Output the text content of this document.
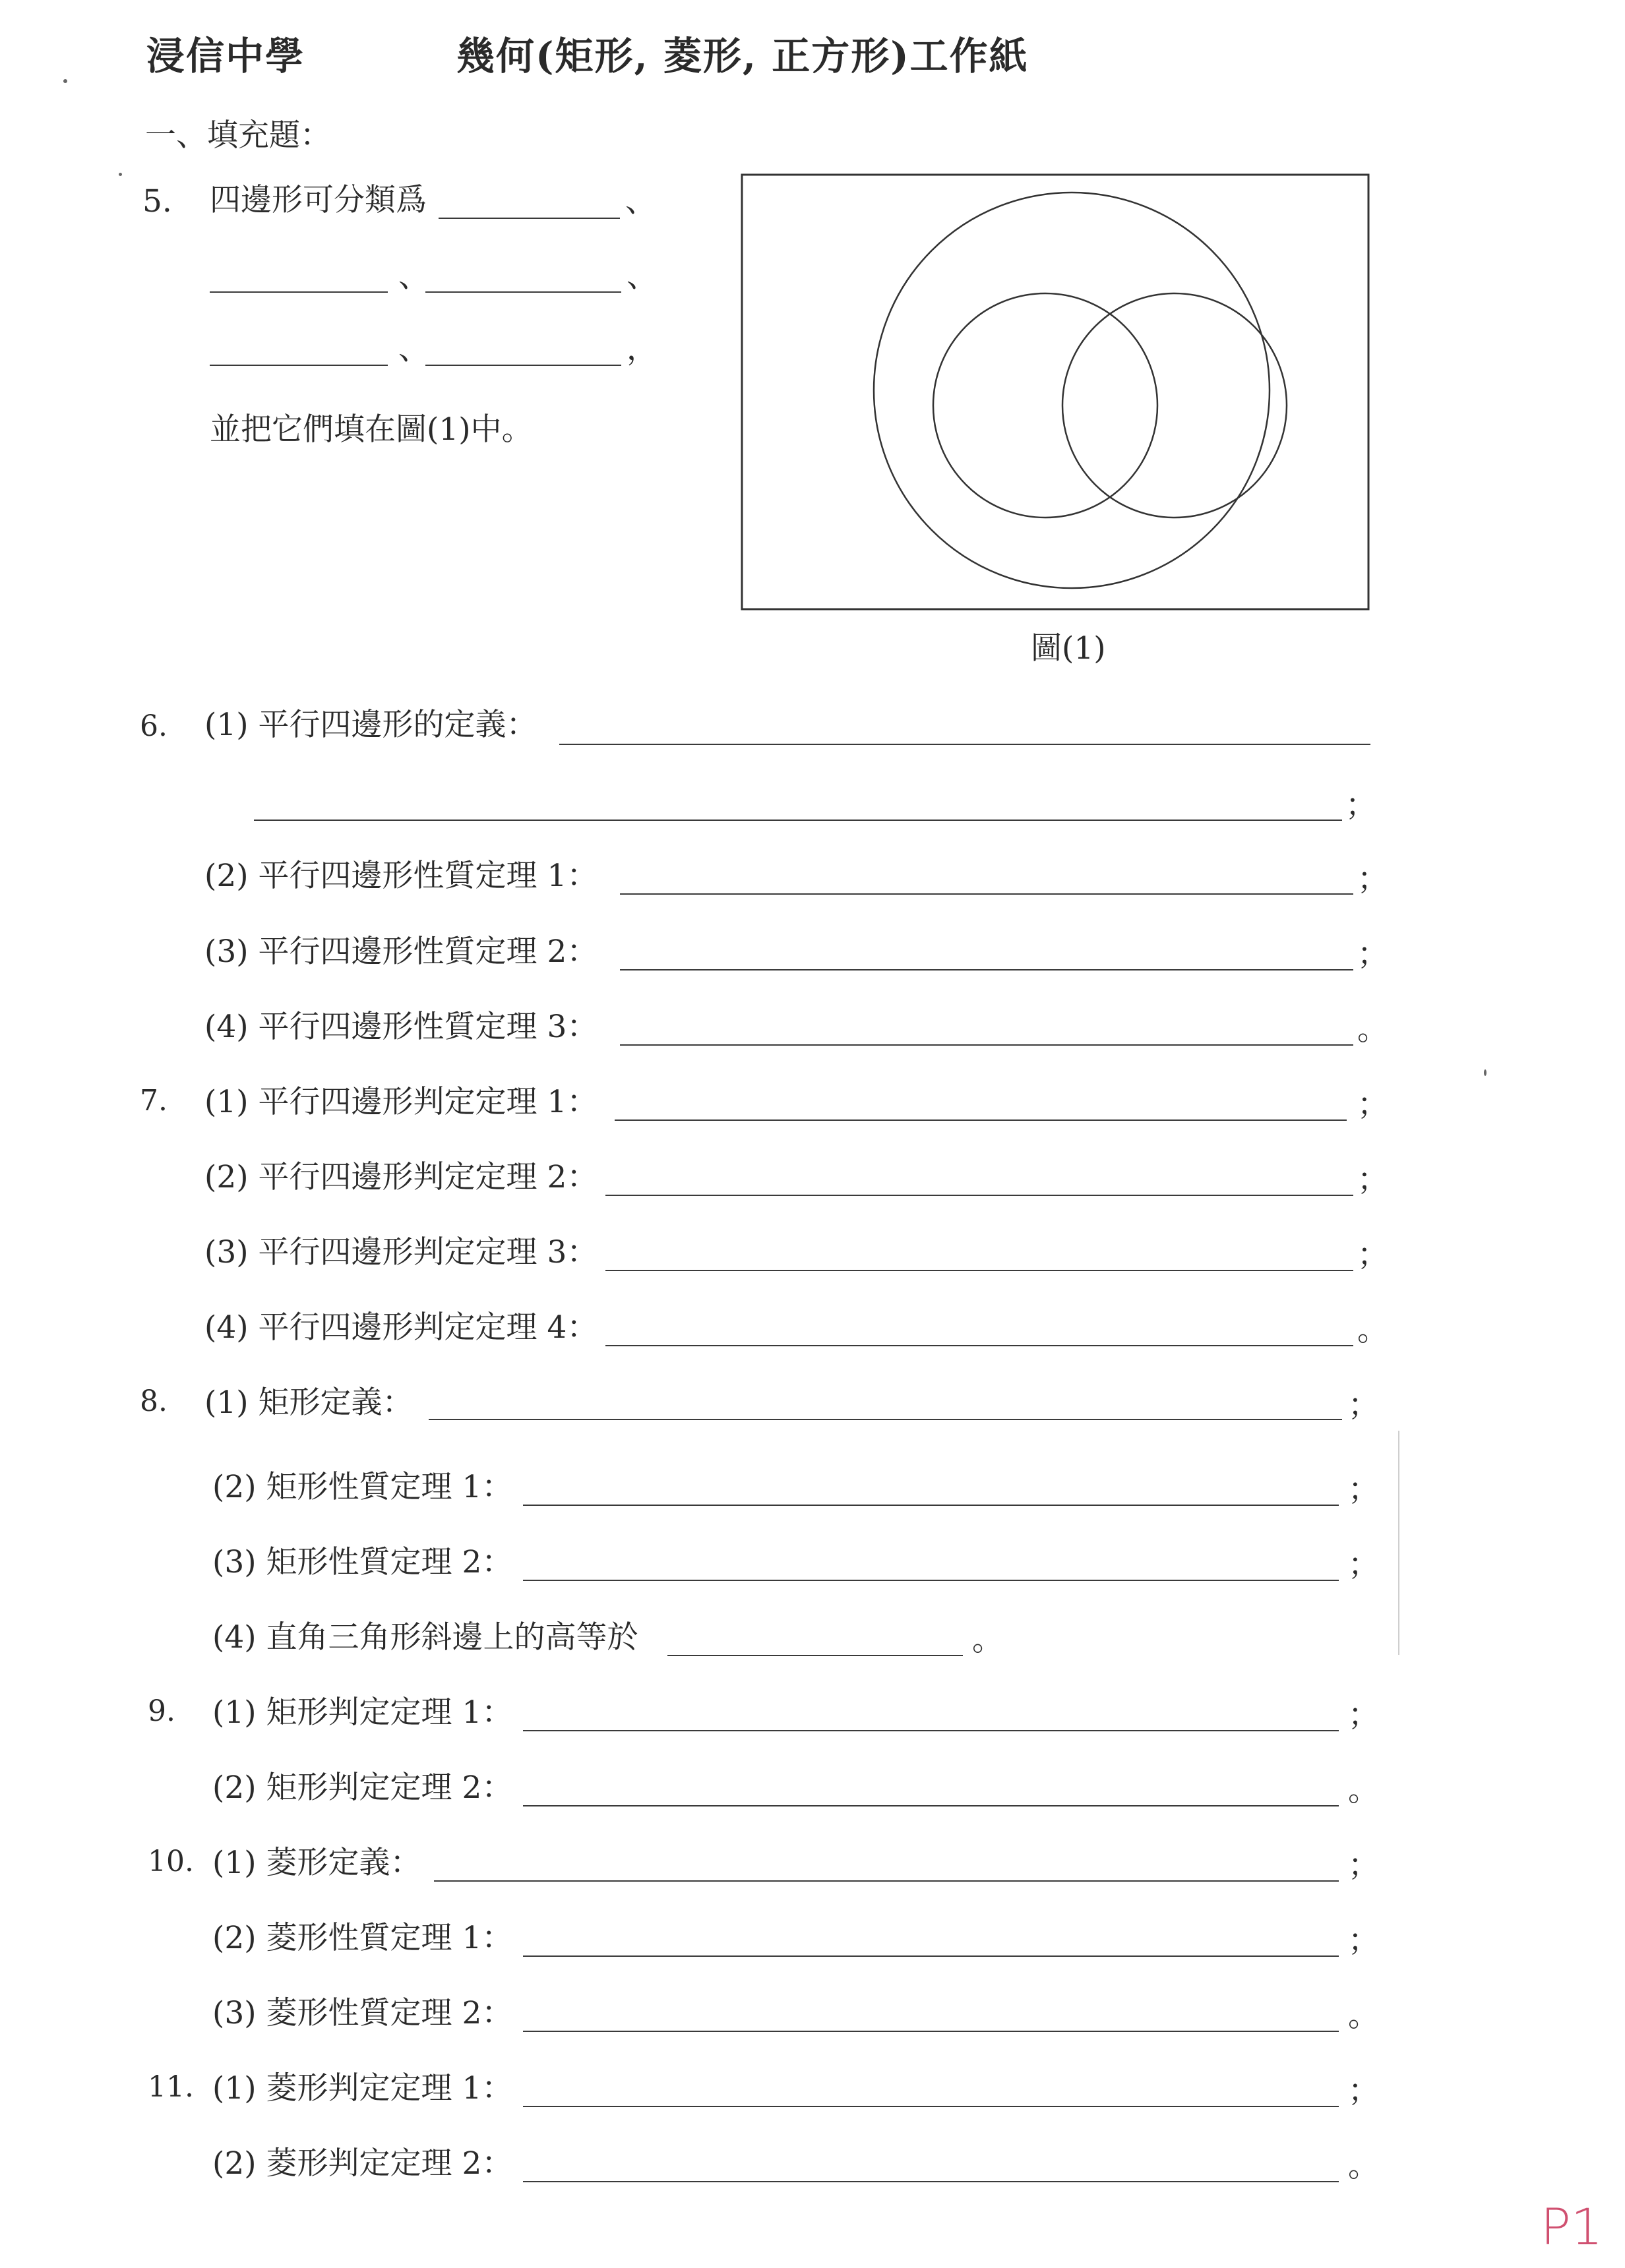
浸信中學	幾何(矩形, 菱形, 正方形)工作紙
一、填充題：
5. 四邊形可分類爲	、
、	、
、	，
並把它們填在圖(1)中。
圖(1)
6. (1) 平行四邊形的定義：
；
(2) 平行四邊形性質定理 1：	；
(3) 平行四邊形性質定理 2：	；
(4) 平行四邊形性質定理 3：	。
7. (1) 平行四邊形判定定理 1：	；
(2) 平行四邊形判定定理 2：	；
(3) 平行四邊形判定定理 3：	；
(4) 平行四邊形判定定理 4：	。
8. (1) 矩形定義：	；
(2) 矩形性質定理 1：	；
(3) 矩形性質定理 2：	；
(4) 直角三角形斜邊上的高等於	。
9. (1) 矩形判定定理 1：	；
(2) 矩形判定定理 2：	。
10. (1) 菱形定義：	；
(2) 菱形性質定理 1：	；
(3) 菱形性質定理 2：	。
11. (1) 菱形判定定理 1：	；
(2) 菱形判定定理 2：	。
P1
